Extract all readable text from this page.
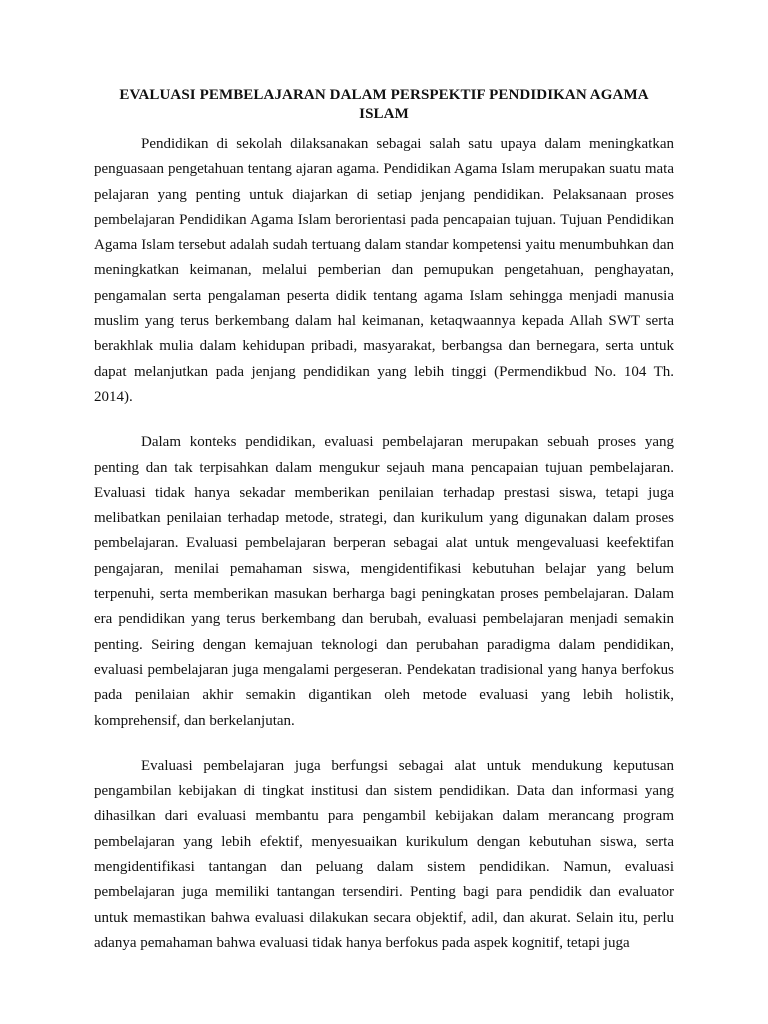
EVALUASI PEMBELAJARAN DALAM PERSPEKTIF PENDIDIKAN AGAMA ISLAM

Pendidikan di sekolah dilaksanakan sebagai salah satu upaya dalam meningkatkan penguasaan pengetahuan tentang ajaran agama. Pendidikan Agama Islam merupakan suatu mata pelajaran yang penting untuk diajarkan di setiap jenjang pendidikan. Pelaksanaan proses pembelajaran Pendidikan Agama Islam berorientasi pada pencapaian tujuan. Tujuan Pendidikan Agama Islam tersebut adalah sudah tertuang dalam standar kompetensi yaitu menumbuhkan dan meningkatkan keimanan, melalui pemberian dan pemupukan pengetahuan, penghayatan, pengamalan serta pengalaman peserta didik tentang agama Islam sehingga menjadi manusia muslim yang terus berkembang dalam hal keimanan, ketaqwaannya kepada Allah SWT serta berakhlak mulia dalam kehidupan pribadi, masyarakat, berbangsa dan bernegara, serta untuk dapat melanjutkan pada jenjang pendidikan yang lebih tinggi (Permendikbud No. 104 Th. 2014).

Dalam konteks pendidikan, evaluasi pembelajaran merupakan sebuah proses yang penting dan tak terpisahkan dalam mengukur sejauh mana pencapaian tujuan pembelajaran. Evaluasi tidak hanya sekadar memberikan penilaian terhadap prestasi siswa, tetapi juga melibatkan penilaian terhadap metode, strategi, dan kurikulum yang digunakan dalam proses pembelajaran. Evaluasi pembelajaran berperan sebagai alat untuk mengevaluasi keefektifan pengajaran, menilai pemahaman siswa, mengidentifikasi kebutuhan belajar yang belum terpenuhi, serta memberikan masukan berharga bagi peningkatan proses pembelajaran. Dalam era pendidikan yang terus berkembang dan berubah, evaluasi pembelajaran menjadi semakin penting. Seiring dengan kemajuan teknologi dan perubahan paradigma dalam pendidikan, evaluasi pembelajaran juga mengalami pergeseran. Pendekatan tradisional yang hanya berfokus pada penilaian akhir semakin digantikan oleh metode evaluasi yang lebih holistik, komprehensif, dan berkelanjutan.

Evaluasi pembelajaran juga berfungsi sebagai alat untuk mendukung keputusan pengambilan kebijakan di tingkat institusi dan sistem pendidikan. Data dan informasi yang dihasilkan dari evaluasi membantu para pengambil kebijakan dalam merancang program pembelajaran yang lebih efektif, menyesuaikan kurikulum dengan kebutuhan siswa, serta mengidentifikasi tantangan dan peluang dalam sistem pendidikan. Namun, evaluasi pembelajaran juga memiliki tantangan tersendiri. Penting bagi para pendidik dan evaluator untuk memastikan bahwa evaluasi dilakukan secara objektif, adil, dan akurat. Selain itu, perlu adanya pemahaman bahwa evaluasi tidak hanya berfokus pada aspek kognitif, tetapi juga
